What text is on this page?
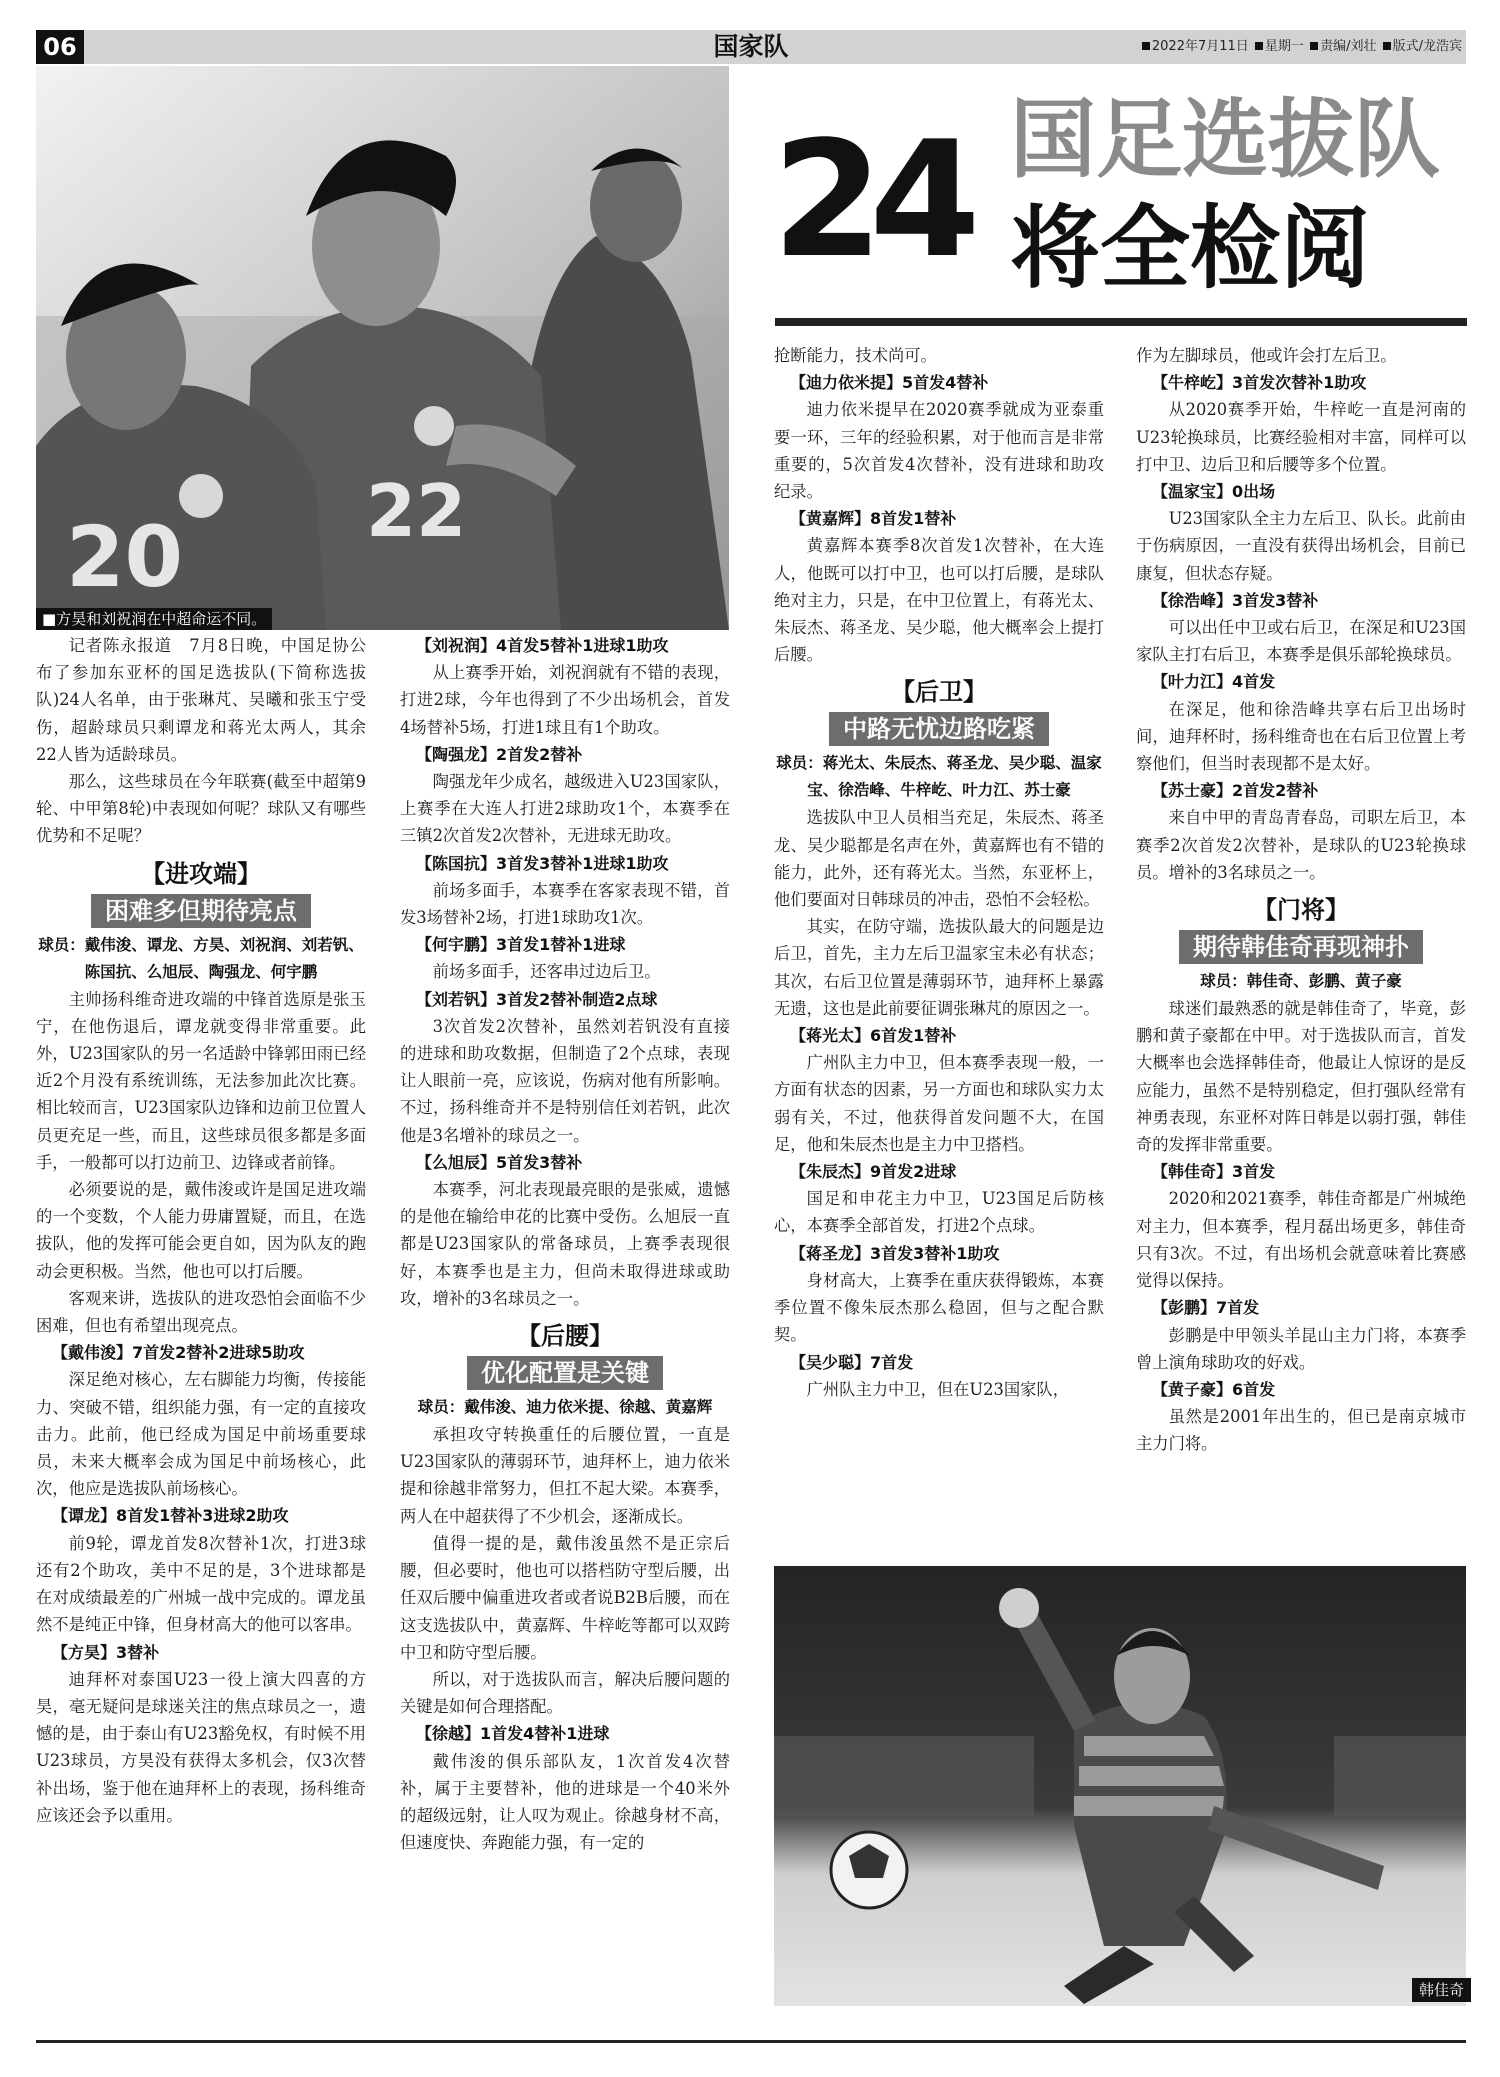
06	国家队	2022年7月11日 星期一 责编/刘壮 版式/龙浩宾
22
20
■方昊和刘祝润在中超命运不同。
24 国足选拔队
将全检阅

记者陈永报道　7月8日晚，中国足协公布了参加东亚杯的国足选拔队(下简称选拔队)24人名单，由于张琳芃、吴曦和张玉宁受伤，超龄球员只剩谭龙和蒋光太两人，其余22人皆为适龄球员。

那么，这些球员在今年联赛(截至中超第9轮、中甲第8轮)中表现如何呢？球队又有哪些优势和不足呢？

【进攻端】
困难多但期待亮点
球员：戴伟浚、谭龙、方昊、刘祝润、刘若钒、陈国抗、么旭辰、陶强龙、何宇鹏

主帅扬科维奇进攻端的中锋首选原是张玉宁，在他伤退后，谭龙就变得非常重要。此外，U23国家队的另一名适龄中锋郭田雨已经近2个月没有系统训练，无法参加此次比赛。相比较而言，U23国家队边锋和边前卫位置人员更充足一些，而且，这些球员很多都是多面手，一般都可以打边前卫、边锋或者前锋。

必须要说的是，戴伟浚或许是国足进攻端的一个变数，个人能力毋庸置疑，而且，在选拔队，他的发挥可能会更自如，因为队友的跑动会更积极。当然，他也可以打后腰。

客观来讲，选拔队的进攻恐怕会面临不少困难，但也有希望出现亮点。

【戴伟浚】7首发2替补2进球5助攻

深足绝对核心，左右脚能力均衡，传接能力、突破不错，组织能力强，有一定的直接攻击力。此前，他已经成为国足中前场重要球员，未来大概率会成为国足中前场核心，此次，他应是选拔队前场核心。

【谭龙】8首发1替补3进球2助攻

前9轮，谭龙首发8次替补1次，打进3球还有2个助攻，美中不足的是，3个进球都是在对成绩最差的广州城一战中完成的。谭龙虽然不是纯正中锋，但身材高大的他可以客串。

【方昊】3替补

迪拜杯对泰国U23一役上演大四喜的方昊，毫无疑问是球迷关注的焦点球员之一，遗憾的是，由于泰山有U23豁免权，有时候不用U23球员，方昊没有获得太多机会，仅3次替补出场，鉴于他在迪拜杯上的表现，扬科维奇应该还会予以重用。

【刘祝润】4首发5替补1进球1助攻

从上赛季开始，刘祝润就有不错的表现，打进2球，今年也得到了不少出场机会，首发4场替补5场，打进1球且有1个助攻。

【陶强龙】2首发2替补

陶强龙年少成名，越级进入U23国家队，上赛季在大连人打进2球助攻1个，本赛季在三镇2次首发2次替补，无进球无助攻。

【陈国抗】3首发3替补1进球1助攻

前场多面手，本赛季在客家表现不错，首发3场替补2场，打进1球助攻1次。

【何宇鹏】3首发1替补1进球

前场多面手，还客串过边后卫。

【刘若钒】3首发2替补制造2点球

3次首发2次替补，虽然刘若钒没有直接的进球和助攻数据，但制造了2个点球，表现让人眼前一亮，应该说，伤病对他有所影响。不过，扬科维奇并不是特别信任刘若钒，此次他是3名增补的球员之一。

【么旭辰】5首发3替补

本赛季，河北表现最亮眼的是张威，遗憾的是他在输给申花的比赛中受伤。么旭辰一直都是U23国家队的常备球员，上赛季表现很好，本赛季也是主力，但尚未取得进球或助攻，增补的3名球员之一。

【后腰】
优化配置是关键
球员：戴伟浚、迪力依米提、徐越、黄嘉辉

承担攻守转换重任的后腰位置，一直是U23国家队的薄弱环节，迪拜杯上，迪力依米提和徐越非常努力，但扛不起大梁。本赛季，两人在中超获得了不少机会，逐渐成长。

值得一提的是，戴伟浚虽然不是正宗后腰，但必要时，他也可以搭档防守型后腰，出任双后腰中偏重进攻者或者说B2B后腰，而在这支选拔队中，黄嘉辉、牛梓屹等都可以双跨中卫和防守型后腰。

所以，对于选拔队而言，解决后腰问题的关键是如何合理搭配。

【徐越】1首发4替补1进球

戴伟浚的俱乐部队友，1次首发4次替补，属于主要替补，他的进球是一个40米外的超级远射，让人叹为观止。徐越身材不高，但速度快、奔跑能力强，有一定的

抢断能力，技术尚可。

【迪力依米提】5首发4替补

迪力依米提早在2020赛季就成为亚泰重要一环，三年的经验积累，对于他而言是非常重要的，5次首发4次替补，没有进球和助攻纪录。

【黄嘉辉】8首发1替补

黄嘉辉本赛季8次首发1次替补，在大连人，他既可以打中卫，也可以打后腰，是球队绝对主力，只是，在中卫位置上，有蒋光太、朱辰杰、蒋圣龙、吴少聪，他大概率会上提打后腰。

【后卫】
中路无忧边路吃紧
球员：蒋光太、朱辰杰、蒋圣龙、吴少聪、温家宝、徐浩峰、牛梓屹、叶力江、苏士豪

选拔队中卫人员相当充足，朱辰杰、蒋圣龙、吴少聪都是名声在外，黄嘉辉也有不错的能力，此外，还有蒋光太。当然，东亚杯上，他们要面对日韩球员的冲击，恐怕不会轻松。

其实，在防守端，选拔队最大的问题是边后卫，首先，主力左后卫温家宝未必有状态；其次，右后卫位置是薄弱环节，迪拜杯上暴露无遗，这也是此前要征调张琳芃的原因之一。

【蒋光太】6首发1替补

广州队主力中卫，但本赛季表现一般，一方面有状态的因素，另一方面也和球队实力太弱有关，不过，他获得首发问题不大，在国足，他和朱辰杰也是主力中卫搭档。

【朱辰杰】9首发2进球

国足和申花主力中卫，U23国足后防核心，本赛季全部首发，打进2个点球。

【蒋圣龙】3首发3替补1助攻

身材高大，上赛季在重庆获得锻炼，本赛季位置不像朱辰杰那么稳固，但与之配合默契。

【吴少聪】7首发

广州队主力中卫，但在U23国家队，

作为左脚球员，他或许会打左后卫。

【牛梓屹】3首发次替补1助攻

从2020赛季开始，牛梓屹一直是河南的U23轮换球员，比赛经验相对丰富，同样可以打中卫、边后卫和后腰等多个位置。

【温家宝】0出场

U23国家队全主力左后卫、队长。此前由于伤病原因，一直没有获得出场机会，目前已康复，但状态存疑。

【徐浩峰】3首发3替补

可以出任中卫或右后卫，在深足和U23国家队主打右后卫，本赛季是俱乐部轮换球员。

【叶力江】4首发

在深足，他和徐浩峰共享右后卫出场时间，迪拜杯时，扬科维奇也在右后卫位置上考察他们，但当时表现都不是太好。

【苏士豪】2首发2替补

来自中甲的青岛青春岛，司职左后卫，本赛季2次首发2次替补，是球队的U23轮换球员。增补的3名球员之一。

【门将】
期待韩佳奇再现神扑
球员：韩佳奇、彭鹏、黄子豪

球迷们最熟悉的就是韩佳奇了，毕竟，彭鹏和黄子豪都在中甲。对于选拔队而言，首发大概率也会选择韩佳奇，他最让人惊讶的是反应能力，虽然不是特别稳定，但打强队经常有神勇表现，东亚杯对阵日韩是以弱打强，韩佳奇的发挥非常重要。

【韩佳奇】3首发

2020和2021赛季，韩佳奇都是广州城绝对主力，但本赛季，程月磊出场更多，韩佳奇只有3次。不过，有出场机会就意味着比赛感觉得以保持。

【彭鹏】7首发

彭鹏是中甲领头羊昆山主力门将，本赛季曾上演角球助攻的好戏。

【黄子豪】6首发

虽然是2001年出生的，但已是南京城市主力门将。

韩佳奇
